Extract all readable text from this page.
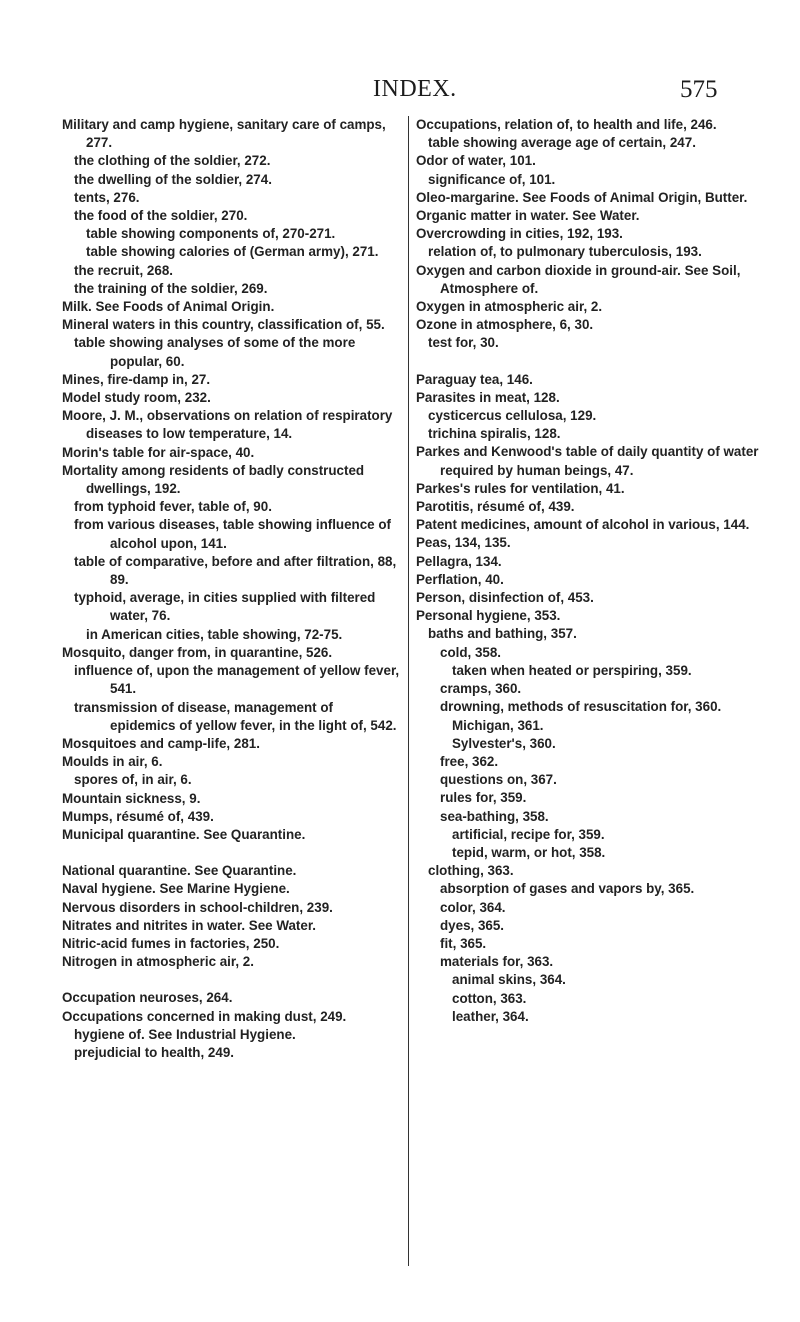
INDEX.	575
Military and camp hygiene, sanitary care of camps, 277.
the clothing of the soldier, 272.
the dwelling of the soldier, 274.
tents, 276.
the food of the soldier, 270.
table showing components of, 270-271.
table showing calories of (German army), 271.
the recruit, 268.
the training of the soldier, 269.
Milk. See Foods of Animal Origin.
Mineral waters in this country, classification of, 55.
table showing analyses of some of the more popular, 60.
Mines, fire-damp in, 27.
Model study room, 232.
Moore, J. M., observations on relation of respiratory diseases to low temperature, 14.
Morin's table for air-space, 40.
Mortality among residents of badly constructed dwellings, 192.
from typhoid fever, table of, 90.
from various diseases, table showing influence of alcohol upon, 141.
table of comparative, before and after filtration, 88, 89.
typhoid, average, in cities supplied with filtered water, 76.
in American cities, table showing, 72-75.
Mosquito, danger from, in quarantine, 526.
influence of, upon the management of yellow fever, 541.
transmission of disease, management of epidemics of yellow fever, in the light of, 542.
Mosquitoes and camp-life, 281.
Moulds in air, 6.
spores of, in air, 6.
Mountain sickness, 9.
Mumps, résumé of, 439.
Municipal quarantine. See Quarantine.
National quarantine. See Quarantine.
Naval hygiene. See Marine Hygiene.
Nervous disorders in school-children, 239.
Nitrates and nitrites in water. See Water.
Nitric-acid fumes in factories, 250.
Nitrogen in atmospheric air, 2.
Occupation neuroses, 264.
Occupations concerned in making dust, 249.
hygiene of. See Industrial Hygiene.
prejudicial to health, 249.
Occupations, relation of, to health and life, 246.
table showing average age of certain, 247.
Odor of water, 101.
significance of, 101.
Oleo-margarine. See Foods of Animal Origin, Butter.
Organic matter in water. See Water.
Overcrowding in cities, 192, 193.
relation of, to pulmonary tuberculosis, 193.
Oxygen and carbon dioxide in ground-air. See Soil, Atmosphere of.
Oxygen in atmospheric air, 2.
Ozone in atmosphere, 6, 30.
test for, 30.
Paraguay tea, 146.
Parasites in meat, 128.
cysticercus cellulosa, 129.
trichina spiralis, 128.
Parkes and Kenwood's table of daily quantity of water required by human beings, 47.
Parkes's rules for ventilation, 41.
Parotitis, résumé of, 439.
Patent medicines, amount of alcohol in various, 144.
Peas, 134, 135.
Pellagra, 134.
Perflation, 40.
Person, disinfection of, 453.
Personal hygiene, 353.
baths and bathing, 357.
cold, 358.
taken when heated or perspiring, 359.
cramps, 360.
drowning, methods of resuscitation for, 360.
Michigan, 361.
Sylvester's, 360.
free, 362.
questions on, 367.
rules for, 359.
sea-bathing, 358.
artificial, recipe for, 359.
tepid, warm, or hot, 358.
clothing, 363.
absorption of gases and vapors by, 365.
color, 364.
dyes, 365.
fit, 365.
materials for, 363.
animal skins, 364.
cotton, 363.
leather, 364.
